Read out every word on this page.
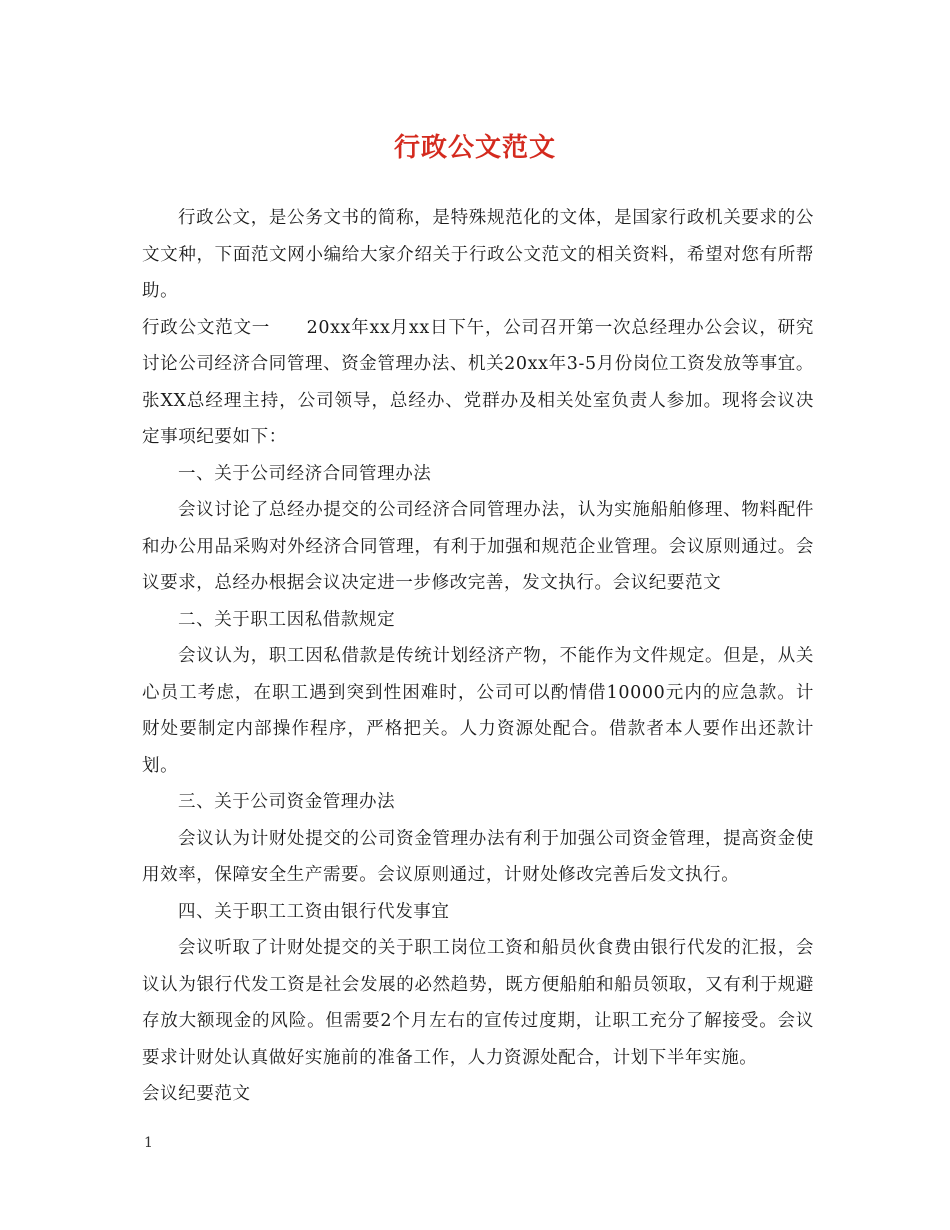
行政公文范文

行政公文，是公务文书的简称，是特殊规范化的文体，是国家行政机关要求的公文文种，下面范文网小编给大家介绍关于行政公文范文的相关资料，希望对您有所帮助。

行政公文范文一　　20xx年xx月xx日下午，公司召开第一次总经理办公会议，研究讨论公司经济合同管理、资金管理办法、机关20xx年3-5月份岗位工资发放等事宜。张XX总经理主持，公司领导，总经办、党群办及相关处室负责人参加。现将会议决定事项纪要如下：

一、关于公司经济合同管理办法

会议讨论了总经办提交的公司经济合同管理办法，认为实施船舶修理、物料配件和办公用品采购对外经济合同管理，有利于加强和规范企业管理。会议原则通过。会议要求，总经办根据会议决定进一步修改完善，发文执行。会议纪要范文

二、关于职工因私借款规定

会议认为，职工因私借款是传统计划经济产物，不能作为文件规定。但是，从关心员工考虑，在职工遇到突到性困难时，公司可以酌情借10000元内的应急款。计财处要制定内部操作程序，严格把关。人力资源处配合。借款者本人要作出还款计划。

三、关于公司资金管理办法

会议认为计财处提交的公司资金管理办法有利于加强公司资金管理，提高资金使用效率，保障安全生产需要。会议原则通过，计财处修改完善后发文执行。

四、关于职工工资由银行代发事宜

会议听取了计财处提交的关于职工岗位工资和船员伙食费由银行代发的汇报，会议认为银行代发工资是社会发展的必然趋势，既方便船舶和船员领取，又有利于规避存放大额现金的风险。但需要2个月左右的宣传过度期，让职工充分了解接受。会议要求计财处认真做好实施前的准备工作，人力资源处配合，计划下半年实施。

会议纪要范文

1
